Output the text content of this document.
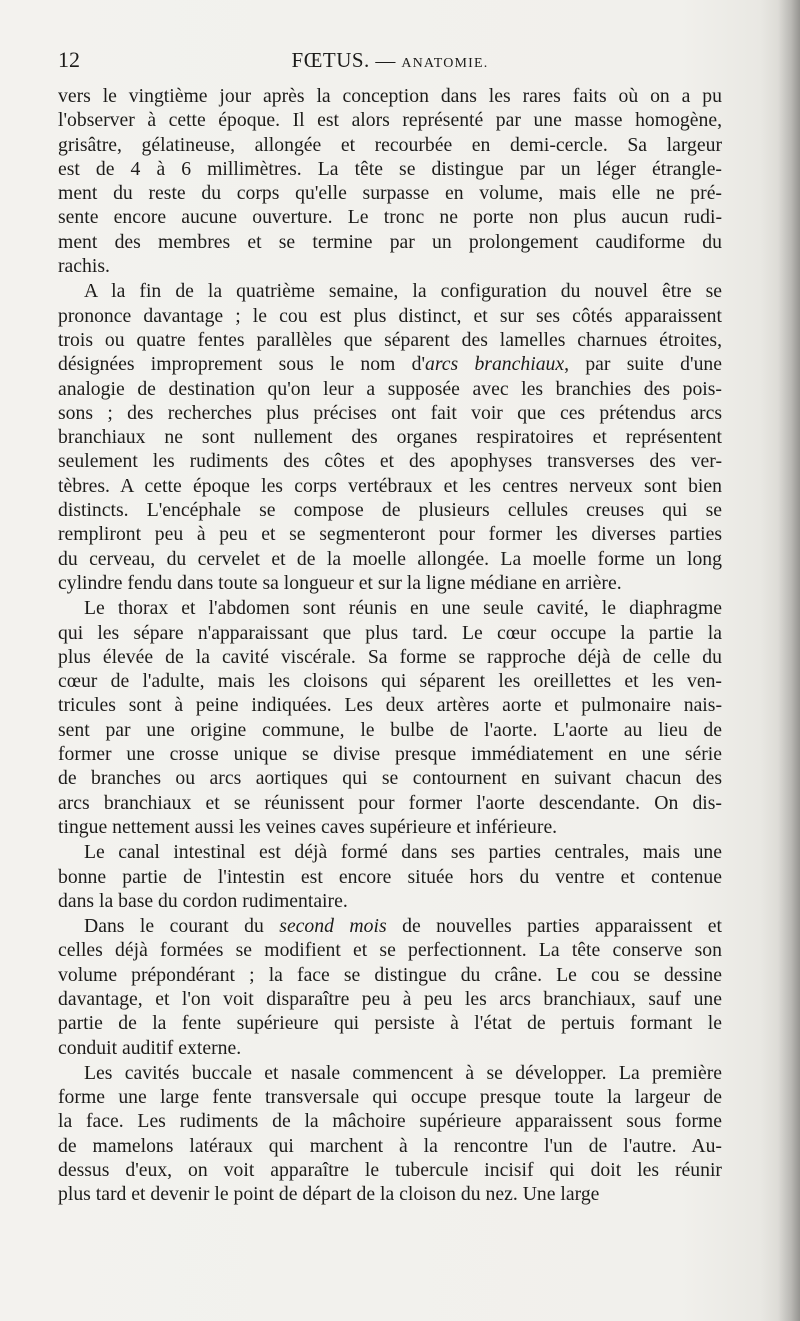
12	FŒTUS. — ANATOMIE.
vers le vingtième jour après la conception dans les rares faits où on a pu
l'observer à cette époque. Il est alors représenté par une masse homogène,
grisâtre, gélatineuse, allongée et recourbée en demi-cercle. Sa largeur
est de 4 à 6 millimètres. La tête se distingue par un léger étrangle-
ment du reste du corps qu'elle surpasse en volume, mais elle ne pré-
sente encore aucune ouverture. Le tronc ne porte non plus aucun rudi-
ment des membres et se termine par un prolongement caudiforme du
rachis.
A la fin de la quatrième semaine, la configuration du nouvel être se
prononce davantage ; le cou est plus distinct, et sur ses côtés apparaissent
trois ou quatre fentes parallèles que séparent des lamelles charnues étroites,
désignées improprement sous le nom d'arcs branchiaux, par suite d'une
analogie de destination qu'on leur a supposée avec les branchies des pois-
sons ; des recherches plus précises ont fait voir que ces prétendus arcs
branchiaux ne sont nullement des organes respiratoires et représentent
seulement les rudiments des côtes et des apophyses transverses des ver-
tèbres. A cette époque les corps vertébraux et les centres nerveux sont bien
distincts. L'encéphale se compose de plusieurs cellules creuses qui se
rempliront peu à peu et se segmenteront pour former les diverses parties
du cerveau, du cervelet et de la moelle allongée. La moelle forme un long
cylindre fendu dans toute sa longueur et sur la ligne médiane en arrière.
Le thorax et l'abdomen sont réunis en une seule cavité, le diaphragme
qui les sépare n'apparaissant que plus tard. Le cœur occupe la partie la
plus élevée de la cavité viscérale. Sa forme se rapproche déjà de celle du
cœur de l'adulte, mais les cloisons qui séparent les oreillettes et les ven-
tricules sont à peine indiquées. Les deux artères aorte et pulmonaire nais-
sent par une origine commune, le bulbe de l'aorte. L'aorte au lieu de
former une crosse unique se divise presque immédiatement en une série
de branches ou arcs aortiques qui se contournent en suivant chacun des
arcs branchiaux et se réunissent pour former l'aorte descendante. On dis-
tingue nettement aussi les veines caves supérieure et inférieure.
Le canal intestinal est déjà formé dans ses parties centrales, mais une
bonne partie de l'intestin est encore située hors du ventre et contenue
dans la base du cordon rudimentaire.
Dans le courant du second mois de nouvelles parties apparaissent et
celles déjà formées se modifient et se perfectionnent. La tête conserve son
volume prépondérant ; la face se distingue du crâne. Le cou se dessine
davantage, et l'on voit disparaître peu à peu les arcs branchiaux, sauf une
partie de la fente supérieure qui persiste à l'état de pertuis formant le
conduit auditif externe.
Les cavités buccale et nasale commencent à se développer. La première
forme une large fente transversale qui occupe presque toute la largeur de
la face. Les rudiments de la mâchoire supérieure apparaissent sous forme
de mamelons latéraux qui marchent à la rencontre l'un de l'autre. Au-
dessus d'eux, on voit apparaître le tubercule incisif qui doit les réunir
plus tard et devenir le point de départ de la cloison du nez. Une large
